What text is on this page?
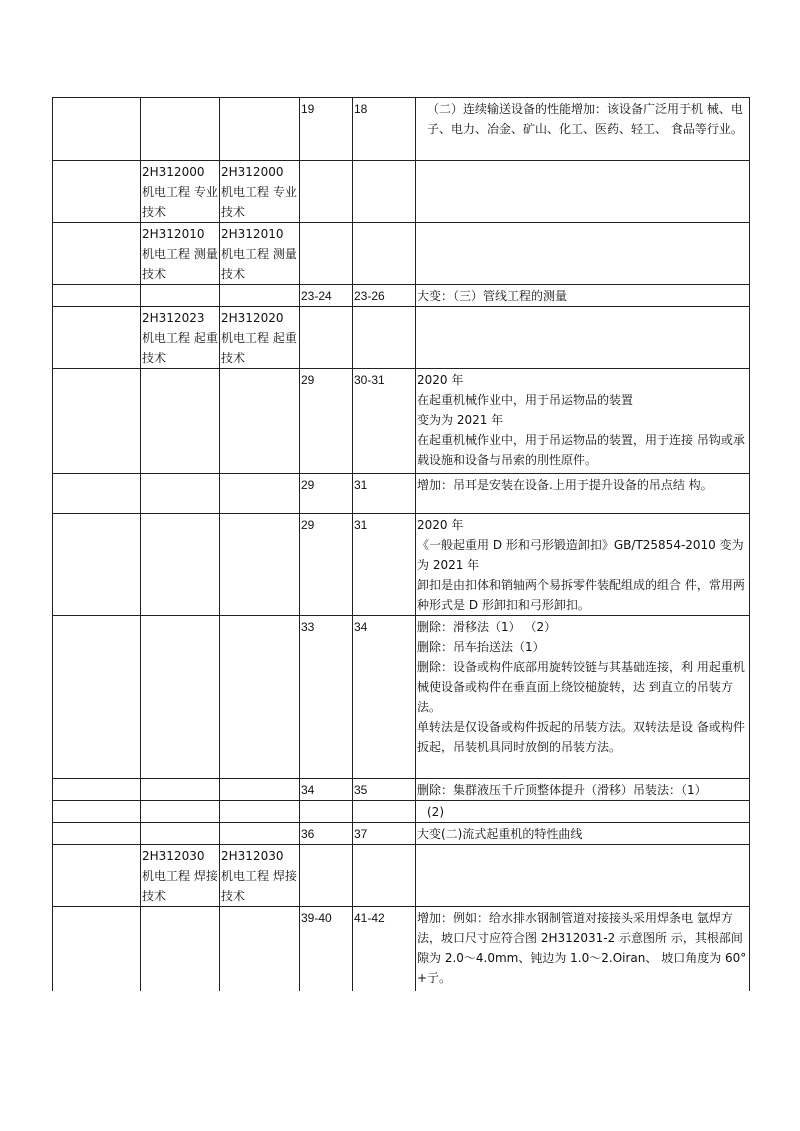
			19	18	（二）连续输送设备的性能增加：该设备广泛用于机 械、电子、电力、冶金、矿山、化工、医药、轻工、 食品等行业。

	2H312000 机电工程 专业技术	2H312000 机电工程 专业技术			
	2H312010 机电工程 测量技术	2H312010 机电工程 测量技术			
			23-24	23-26	大变：（三）管线工程的测量

	2H312023 机电工程 起重技术	2H312020 机电工程 起重技术			
			29	30-31	2020 年

在起重机械作业中，用于吊运物品的装置

变为为 2021 年

在起重机械作业中，用于吊运物品的装置，用于连接 吊钩或承载设施和设备与吊索的刖性原件。

			29	31	增加：吊耳是安装在设备.上用于提升设备的吊点结 构。

			29	31	2020 年

《一般起重用 D 形和弓形锻造卸扣》GB/T25854-2010 变为为 2021 年

卸扣是由扣体和销轴两个易拆零件装配组成的组合 件，常用两种形式是 D 形卸扣和弓形卸扣。

			33	34	删除：滑移法（1） （2）

删除：吊车抬送法（1）

删除：设备或构件底部用旋转饺链与其基础连接，利 用起重机械使设备或构件在垂直面上绕饺槌旋转，达 到直立的吊装方法。

单转法是仅设备或构件扳起的吊装方法。双转法是设 备或构件扳起，吊装机具同时放倒的吊装方法。

			34	35	删除：集群液压千斤顶整体提升（滑移）吊装法：（1）

					(2)

			36	37	大变(二)流式起重机的特性曲线

	2H312030 机电工程 焊接技术	2H312030 机电工程 焊接技术			
			39-40	41-42	增加：例如：给水排水钢制管道对接接头采用焊条电 氩焊方法，坡口尺寸应符合图 2H312031-2 示意图所 示，其根部间隙为 2.0～4.0mm、钝边为 1.0～2.Oiran、 坡口角度为 60°+亍。
